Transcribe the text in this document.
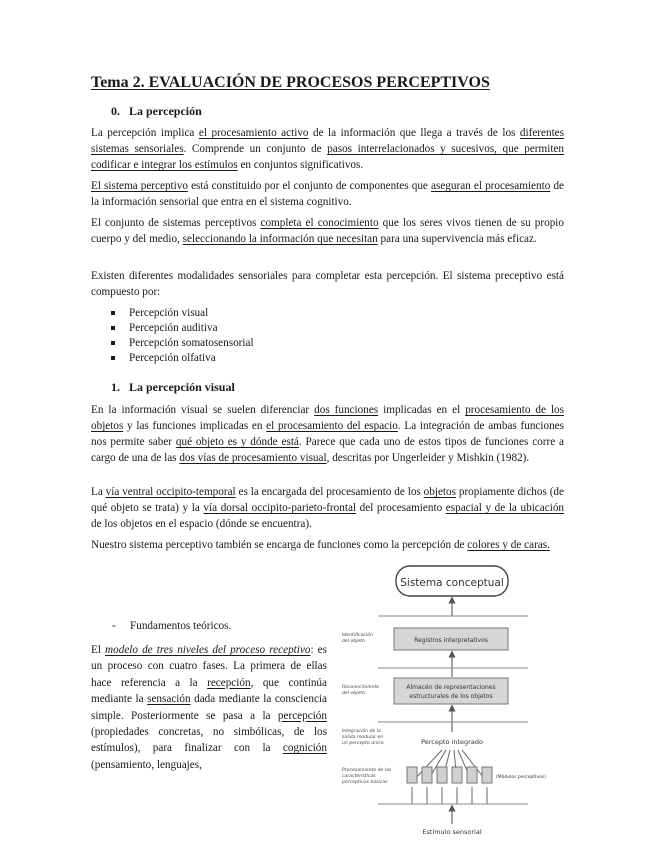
Tema 2. EVALUACIÓN DE PROCESOS PERCEPTIVOS
0.   La percepción

La percepción implica el procesamiento activo de la información que llega a través de los diferentes sistemas sensoriales. Comprende un conjunto de pasos interrelacionados y sucesivos, que permiten codificar e integrar los estímulos en conjuntos significativos.

El sistema perceptivo está constituido por el conjunto de componentes que aseguran el procesamiento de la información sensorial que entra en el sistema cognitivo.

El conjunto de sistemas perceptivos completa el conocimiento que los seres vivos tienen de su propio cuerpo y del medio, seleccionando la información que necesitan para una supervivencia más eficaz.

Existen diferentes modalidades sensoriales para completar esta percepción. El sistema preceptivo está compuesto por:

Percepción visual
Percepción auditiva
Percepción somatosensorial
Percepción olfativa
1.   La percepción visual

En la información visual se suelen diferenciar dos funciones implicadas en el procesamiento de los objetos y las funciones implicadas en el procesamiento del espacio. La integración de ambas funciones nos permite saber qué objeto es y dónde está. Parece que cada uno de estos tipos de funciones corre a cargo de una de las dos vías de procesamiento visual, descritas por Ungerleider y Mishkin (1982).

La vía ventral occipito-temporal es la encargada del procesamiento de los objetos propiamente dichos (de qué objeto se trata) y la vía dorsal occipito-parieto-frontal del procesamiento espacial y de la ubicación de los objetos en el espacio (dónde se encuentra).

Nuestro sistema perceptivo también se encarga de funciones como la percepción de colores y de caras.

- Fundamentos teóricos.

El modelo de tres niveles del proceso receptivo: es un proceso con cuatro fases. La primera de ellas hace referencia a la recepción, que continúa mediante la sensación dada mediante la consciencia simple. Posteriormente se pasa a la percepción (propiedades concretas, no simbólicas, de los estímulos), para finalizar con la cognición (pensamiento, lenguajes,

Sistema conceptual
Registros interpretativos
Almacén de representaciones
estructurales de los objetos
Percepto integrado
(Módulos perceptivos)
Estímulo sensorial
Identificación
del objeto
Reconocimiento
del objeto
Integración de la
salida modular en
un percepto único
Procesamiento de las
características
perceptivas básicas
